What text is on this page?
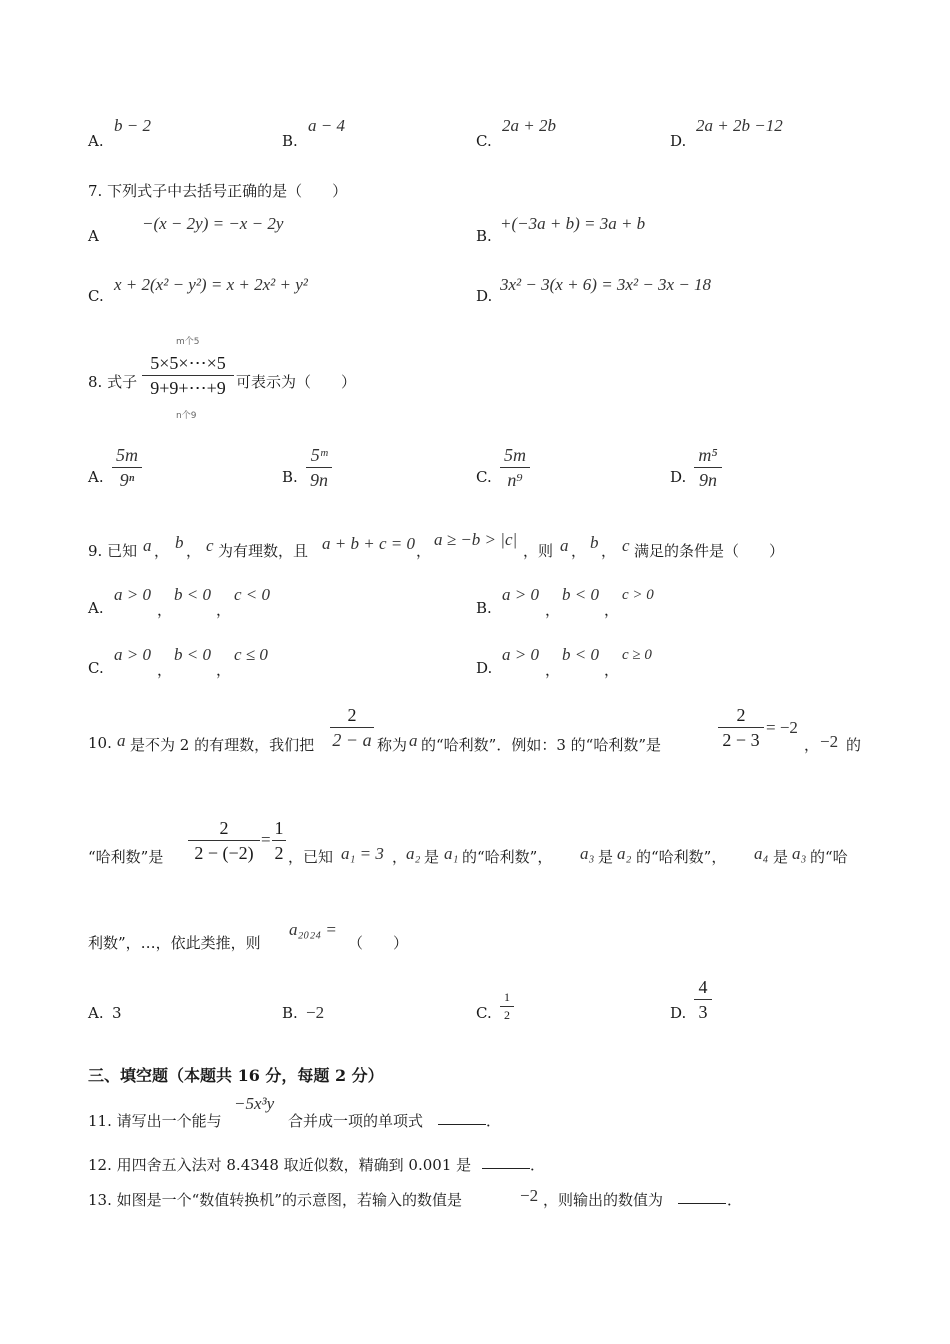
A.
b − 2
B.
a − 4
C.
2a + 2b
D.
2a + 2b −12
7. 下列式子中去括号正确的是（　　）
A
−(x − 2y) = −x − 2y
B.
+(−3a + b) = 3a + b
C.
x + 2(x² − y²) = x + 2x² + y²
D.
3x² − 3(x + 6) = 3x² − 3x − 18
8. 式子
m个5
5×5×⋯×5
9+9+⋯+9
n个9
可表示为（　　）
A.
5m
9ⁿ	B.
5ᵐ
9n	C.
5m
n⁹	D.
m⁵
9n
9. 已知 a ， b ， c 为有理数，且 a + b + c = 0 ，
a ≥ −b > |c|
，则 a ， b ， c 满足的条件是（　　）
A.
a > 0
，
b < 0
，
c < 0
B.
a > 0
，
b < 0
，
c > 0
C.
a > 0
，
b < 0
，
c ≤ 0
D.
a > 0
，
b < 0
，
c ≥ 0
10. a 是不为 2 的有理数，我们把
2
2 − a 称为 a 的“哈利数”．例如：3 的“哈利数”是
2
2 − 3
= −2
， −2 的
“哈利数”是
2
2 − (−2)
=
1
2 ，已知 a₁ = 3 ，
a₂ 是 a₁ 的“哈利数”， a₃ 是 a₂ 的“哈利数”， a₄ 是 a₃ 的“哈
利数”，…，依此类推，则
a₂₀₂₄ =
（　　）
A. 3	B. −2	C.
1
2	D.
4
3
三、填空题（本题共 16 分，每题 2 分）
11. 请写出一个能与
−5x³y
合并成一项的单项式	．
12. 用四舍五入法对 8.4348 取近似数，精确到 0.001 是	．
13. 如图是一个“数值转换机”的示意图，若输入的数值是	−2 ，则输出的数值为	．
